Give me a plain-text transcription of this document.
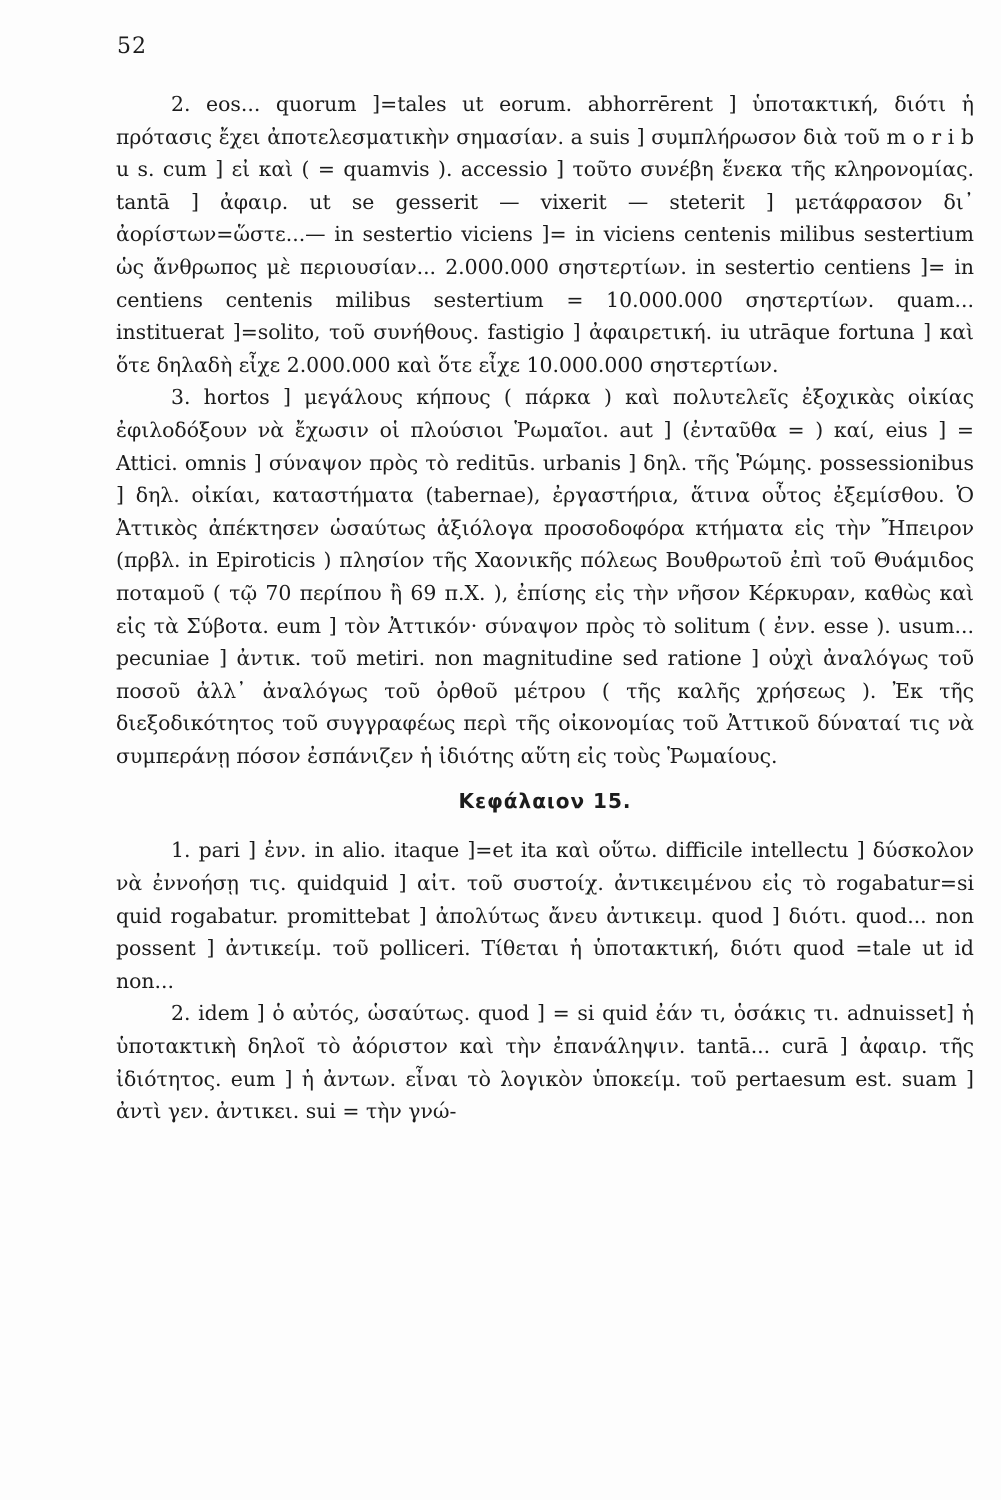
52

2. eos... quorum ]=tales ut eorum. abhorrērent ] ὑποτακτική, διότι ἡ πρότασις ἔχει ἀποτελεσματικὴν σημασίαν. a suis ] συμπλήρωσον διὰ τοῦ m o r i b u s. cum ] εἰ καὶ ( = quamvis ). accessio ] τοῦτο συνέβη ἕνεκα τῆς κληρονομίας. tantā ] ἀφαιρ. ut se gesserit — vixerit — steterit ] μετάφρασον δι᾽ ἀορίστων=ὥστε...— in sestertio viciens ]= in viciens centenis milibus sestertium ὡς ἄνθρωπος μὲ περιουσίαν... 2.000.000 σηστερτίων. in sestertio centiens ]= in centiens centenis milibus sestertium = 10.000.000 σηστερτίων. quam... instituerat ]=solito, τοῦ συνήθους. fastigio ] ἀφαιρετική. iu utrāque fortuna ] καὶ ὅτε δηλαδὴ εἶχε 2.000.000 καὶ ὅτε εἶχε 10.000.000 σηστερτίων.

3. hortos ] μεγάλους κήπους ( πάρκα ) καὶ πολυτελεῖς ἐξοχικὰς οἰκίας ἐφιλοδόξουν νὰ ἔχωσιν οἱ πλούσιοι Ῥωμαῖοι. aut ] (ἐνταῦθα = ) καί, eius ] = Attici. omnis ] σύναψον πρὸς τὸ reditūs. urbanis ] δηλ. τῆς Ῥώμης. possessionibus ] δηλ. οἰκίαι, καταστήματα (tabernae), ἐργαστήρια, ἅτινα οὗτος ἐξεμίσθου. Ὁ Ἀττικὸς ἀπέκτησεν ὡσαύτως ἀξιόλογα προσοδοφόρα κτήματα εἰς τὴν Ἤπειρον (πρβλ. in Epiroticis ) πλησίον τῆς Χαονικῆς πόλεως Βουθρωτοῦ ἐπὶ τοῦ Θυάμιδος ποταμοῦ ( τῷ 70 περίπου ἢ 69 π.Χ. ), ἐπίσης εἰς τὴν νῆσον Κέρκυραν, καθὼς καὶ εἰς τὰ Σύβοτα. eum ] τὸν Ἀττικόν· σύναψον πρὸς τὸ solitum ( ἐνν. esse ). usum... pecuniae ] ἀντικ. τοῦ metiri. non magnitudine sed ratione ] οὐχὶ ἀναλόγως τοῦ ποσοῦ ἀλλ᾽ ἀναλόγως τοῦ ὀρθοῦ μέτρου ( τῆς καλῆς χρήσεως ). Ἐκ τῆς διεξοδικότητος τοῦ συγγραφέως περὶ τῆς οἰκονομίας τοῦ Ἀττικοῦ δύναταί τις νὰ συμπεράνῃ πόσον ἐσπάνιζεν ἡ ἰδιότης αὕτη εἰς τοὺς Ῥωμαίους.

Κεφάλαιον 15.

1. pari ] ἐνν. in alio. itaque ]=et ita καὶ οὕτω. difficile intellectu ] δύσκολον νὰ ἐννοήσῃ τις. quidquid ] αἰτ. τοῦ συστοίχ. ἀντικειμένου εἰς τὸ rogabatur=si quid rogabatur. promittebat ] ἀπολύτως ἄνευ ἀντικειμ. quod ] διότι. quod... non possent ] ἀντικείμ. τοῦ polliceri. Τίθεται ἡ ὑποτακτική, διότι quod =tale ut id non...

2. idem ] ὁ αὐτός, ὡσαύτως. quod ] = si quid ἐάν τι, ὁσάκις τι. adnuisset] ἡ ὑποτακτικὴ δηλοῖ τὸ ἀόριστον καὶ τὴν ἐπανάληψιν. tantā... curā ] ἀφαιρ. τῆς ἰδιότητος. eum ] ἡ ἀντων. εἶναι τὸ λογικὸν ὑποκείμ. τοῦ pertaesum est. suam ] ἀντὶ γεν. ἀντικει. sui = τὴν γνώ-
